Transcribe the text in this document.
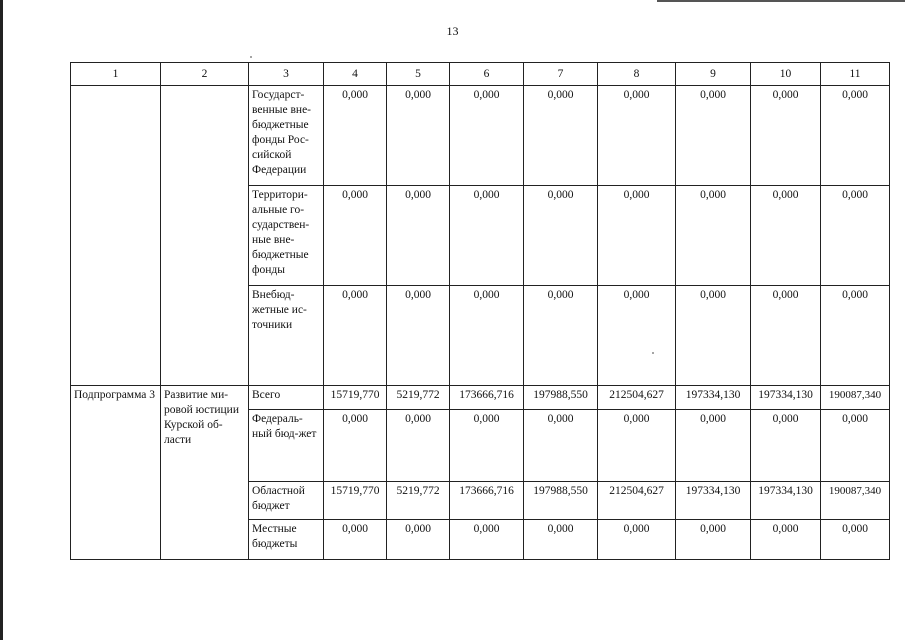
13
1	2	3	4	5	6	7	8	9	10	11
		Государст-венные вне-бюджетные фонды Рос-сийской Федерации	0,000	0,000	0,000	0,000	0,000	0,000	0,000	0,000
		Территори-альные го-сударствен-ные вне-бюджетные фонды	0,000	0,000	0,000	0,000	0,000	0,000	0,000	0,000
		Внебюд-жетные ис-точники	0,000	0,000	0,000	0,000	0,000	0,000	0,000	0,000
Подпрограмма 3	Развитие ми-ровой юстиции Курской об-ласти	Всего	15719,770	5219,772	173666,716	197988,550	212504,627	197334,130	197334,130	190087,340
		Федераль-ный бюд-жет	0,000	0,000	0,000	0,000	0,000	0,000	0,000	0,000
		Областной бюджет	15719,770	5219,772	173666,716	197988,550	212504,627	197334,130	197334,130	190087,340
		Местные бюджеты	0,000	0,000	0,000	0,000	0,000	0,000	0,000	0,000
